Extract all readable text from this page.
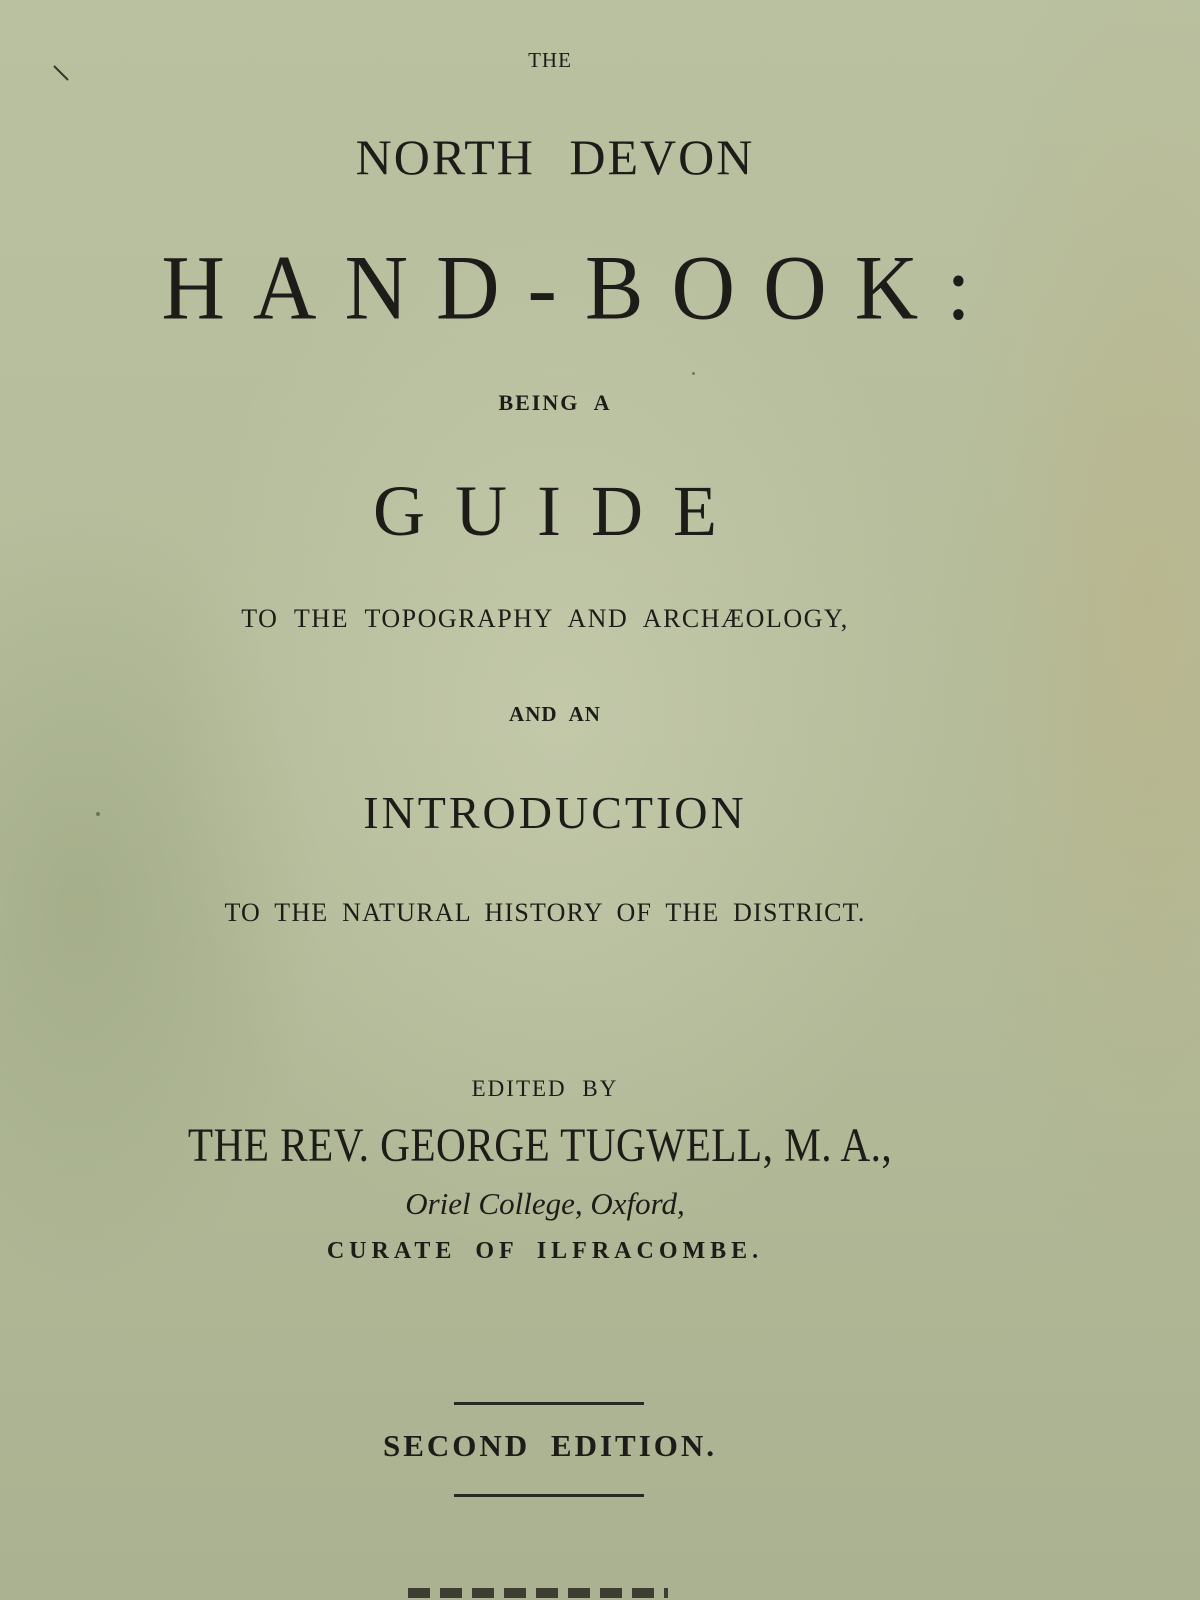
THE

NORTH DEVON

HAND-BOOK:

BEING A

GUIDE

TO THE TOPOGRAPHY AND ARCHÆOLOGY,

AND AN

INTRODUCTION

TO THE NATURAL HISTORY OF THE DISTRICT.

EDITED BY

THE REV. GEORGE TUGWELL, M. A.,

Oriel College, Oxford,

CURATE OF ILFRACOMBE.

SECOND EDITION.
